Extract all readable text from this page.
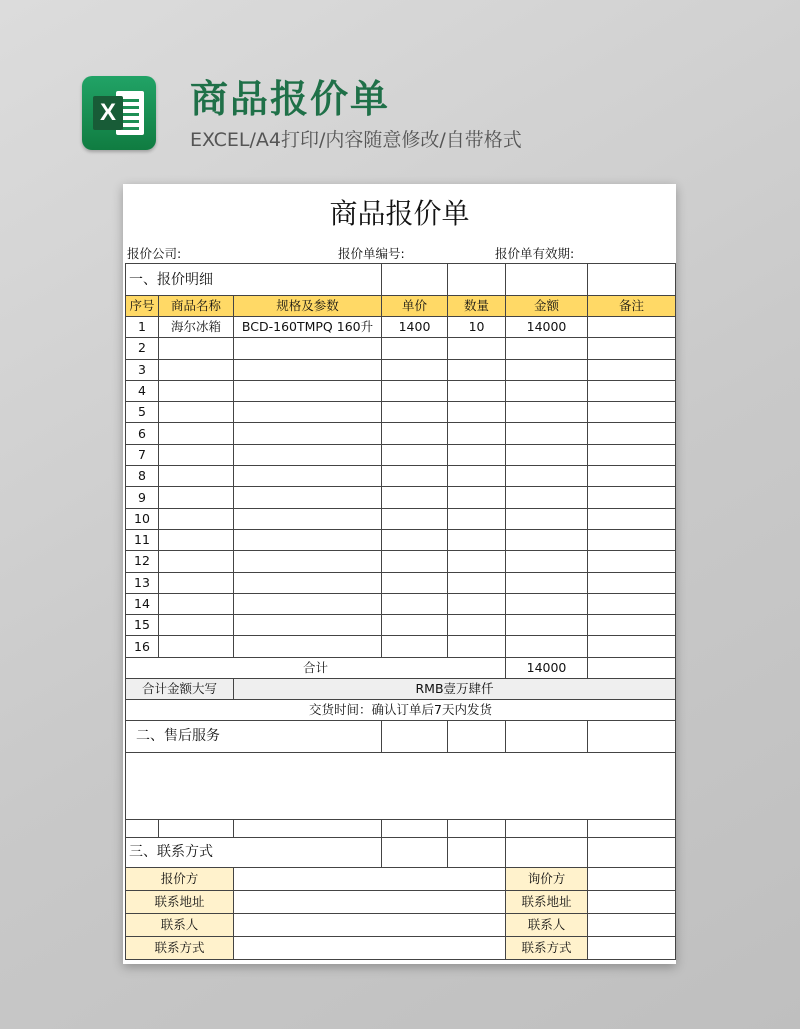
X 商品报价单
EXCEL/A4打印/内容随意修改/自带格式
商品报价单
报价公司:	报价单编号:	报价单有效期:
一、报价明细						
序号	商品名称	规格及参数	单价	数量	金额	备注
1	海尔冰箱	BCD-160TMPQ 160升	1400	10	14000	
2						
3						
4						
5						
6						
7						
8						
9						
10						
11						
12						
13						
14						
15						
16						
合计					14000	
合计金额大写		RMB壹万肆仟				
交货时间：确认订单后7天内发货						
二、售后服务						

三、联系方式						
报价方					询价方	
联系地址					联系地址	
联系人					联系人	
联系方式					联系方式	
